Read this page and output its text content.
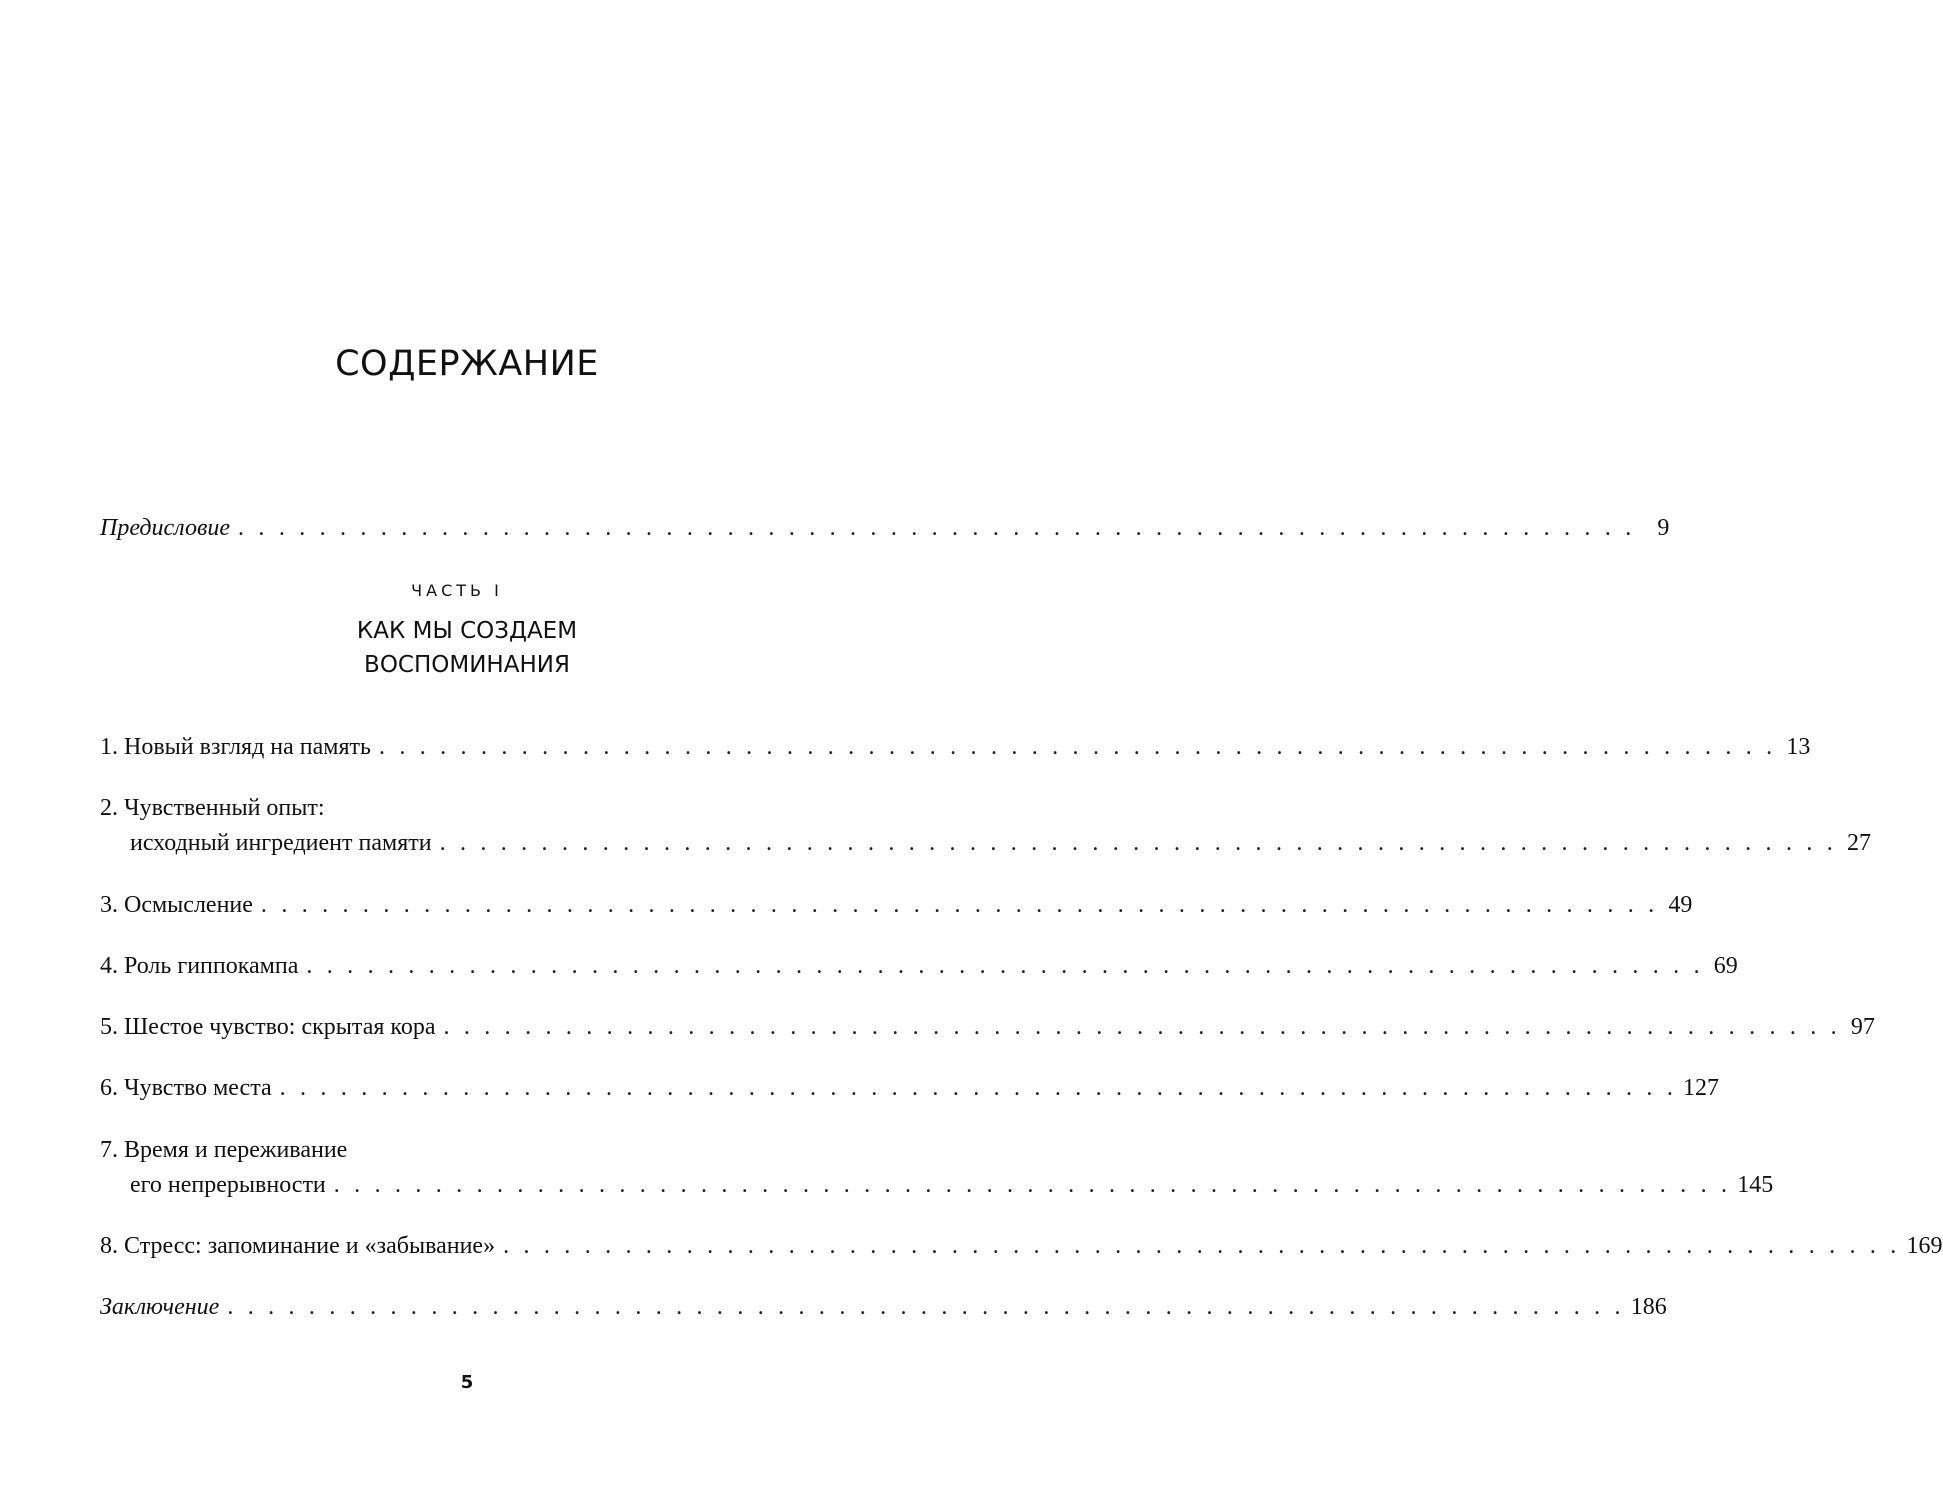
СОДЕРЖАНИЕ
Предисловие . . . . . . . . . . . . . . . . . . . . . . . . . . . . . . . . . . . . . . . . . . . . . . . . . . . . . . . . . . . . . . . . . . . . . 9
ЧАСТЬ I
КАК МЫ СОЗДАЕМ
ВОСПОМИНАНИЯ
1. Новый взгляд на память . . . . . . . . . . . . . . . . . . . . . . . . . . . . . . . . . . . . . . . . . . . . . . . . . . . . . . . . . . . . . . . . . . . . . 13
2. Чувственный опыт:
исходный ингредиент памяти . . . . . . . . . . . . . . . . . . . . . . . . . . . . . . . . . . . . . . . . . . . . . . . . . . . . . . . . . . . . . . . . . . . . . 27
3. Осмысление . . . . . . . . . . . . . . . . . . . . . . . . . . . . . . . . . . . . . . . . . . . . . . . . . . . . . . . . . . . . . . . . . . . . . 49
4. Роль гиппокампа . . . . . . . . . . . . . . . . . . . . . . . . . . . . . . . . . . . . . . . . . . . . . . . . . . . . . . . . . . . . . . . . . . . . . 69
5. Шестое чувство: скрытая кора . . . . . . . . . . . . . . . . . . . . . . . . . . . . . . . . . . . . . . . . . . . . . . . . . . . . . . . . . . . . . . . . . . . . . 97
6. Чувство места . . . . . . . . . . . . . . . . . . . . . . . . . . . . . . . . . . . . . . . . . . . . . . . . . . . . . . . . . . . . . . . . . . . . . 127
7. Время и переживание
его непрерывности . . . . . . . . . . . . . . . . . . . . . . . . . . . . . . . . . . . . . . . . . . . . . . . . . . . . . . . . . . . . . . . . . . . . . 145
8. Стресс: запоминание и «забывание» . . . . . . . . . . . . . . . . . . . . . . . . . . . . . . . . . . . . . . . . . . . . . . . . . . . . . . . . . . . . . . . . . . . . . 169
Заключение . . . . . . . . . . . . . . . . . . . . . . . . . . . . . . . . . . . . . . . . . . . . . . . . . . . . . . . . . . . . . . . . . . . . . 186
5
